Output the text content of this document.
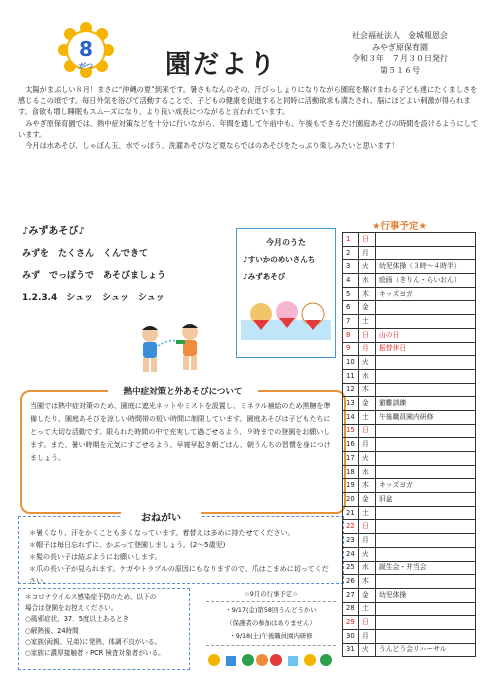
8
がつ	園だより
社会福祉法人　金城報恩会
みやぎ原保育園
令和３年　７月３０日発行
第５１６号

太陽がまぶしい８月！まさに“沖縄の夏”到来です。暑さもなんのその、汗びっしょりになりながら園庭を駆けまわる子ども達にたくましさを感じるこの頃です。毎日外気を浴びて活動することで、子どもの健康を促進すると同時に活動欲求も満たされ、脳にほどよい刺激が得られます。食欲も増し睡眠もスムーズになり、より良い成長につながると言われています。

みやぎ原保育園では、熱中症対策などを十分に行いながら、年間を通して午前中も、午後もできるだけ園庭あそびの時間を設けるようにしています。

今月は水あそび、しゃぼん玉、水でっぽう、洗濯あそびなど夏ならではのあそびをたっぷり楽しみたいと思います！

♪みずあそび♪
みずを　たくさん　くんできて
みず　でっぽうで　あそびましょう
1.2.3.4　シュッ　シュッ　シュッ
今月のうた
♪すいかのめいさんち
♪みずあそび
熱中症対策と外あそびについて
当園では熱中症対策のため、園庭に遮光ネットやミストを設置し、ミネラル補給のため黒糖を準備したり、園庭あそびを涼しい時間帯の短い時間に制限しています。園庭あそびは子どもたちにとって大切な活動です。限られた時間の中で充実して過ごせるよう、９時までの登園をお願いします。また、暑い時期を元気にすごせるよう、早寝早起き朝ごはん、朝うんちの習慣を身につけましょう。
おねがい
＊暑くなり、汗をかくことも多くなっています。着替えは多めに持たせてください。
＊帽子は毎日忘れずに、かぶって登園しましょう。(2～5歳児)
＊髪の長い子は結ぶようにお願いします。
＊爪の長い子が見られます。ケガやトラブルの原因にもなりますので、爪はこまめに切ってください。
＊コロナウイルス感染症予防のため、以下の
場合は登園をお控えください。
○風邪症状、37．5度以上あるとき
○解熱後、24時間
○家族(両親、兄弟)に発熱、体調不良がいる。
○家族に濃厚接触者・PCR 検査対象者がいる。
☆9月の行事予定☆
・9/17(金)第58回うんどうかい
（保護者の参加はありません）
・9/18(土)午後職員園内研修
★行事予定★
1	日	
2	月	
3	火	幼児体操（３時～４時半）
4	水	絵画（きりん・らいおん）
5	木	キッズヨガ
6	金	
7	土	
8	日	山の日
9	月	振替休日
10	火	
11	水	
12	木	
13	金	避難訓練
14	土	午後職員園内研修
15	日	
16	月	
17	火	
18	水	
19	木	キッズヨガ
20	金	旧盆
21	土	
22	日	
23	月	
24	火	
25	水	誕生会・井当会
26	木	
27	金	幼児体操
28	土	
29	日	
30	月	
31	火	うんどう会リハーサル
